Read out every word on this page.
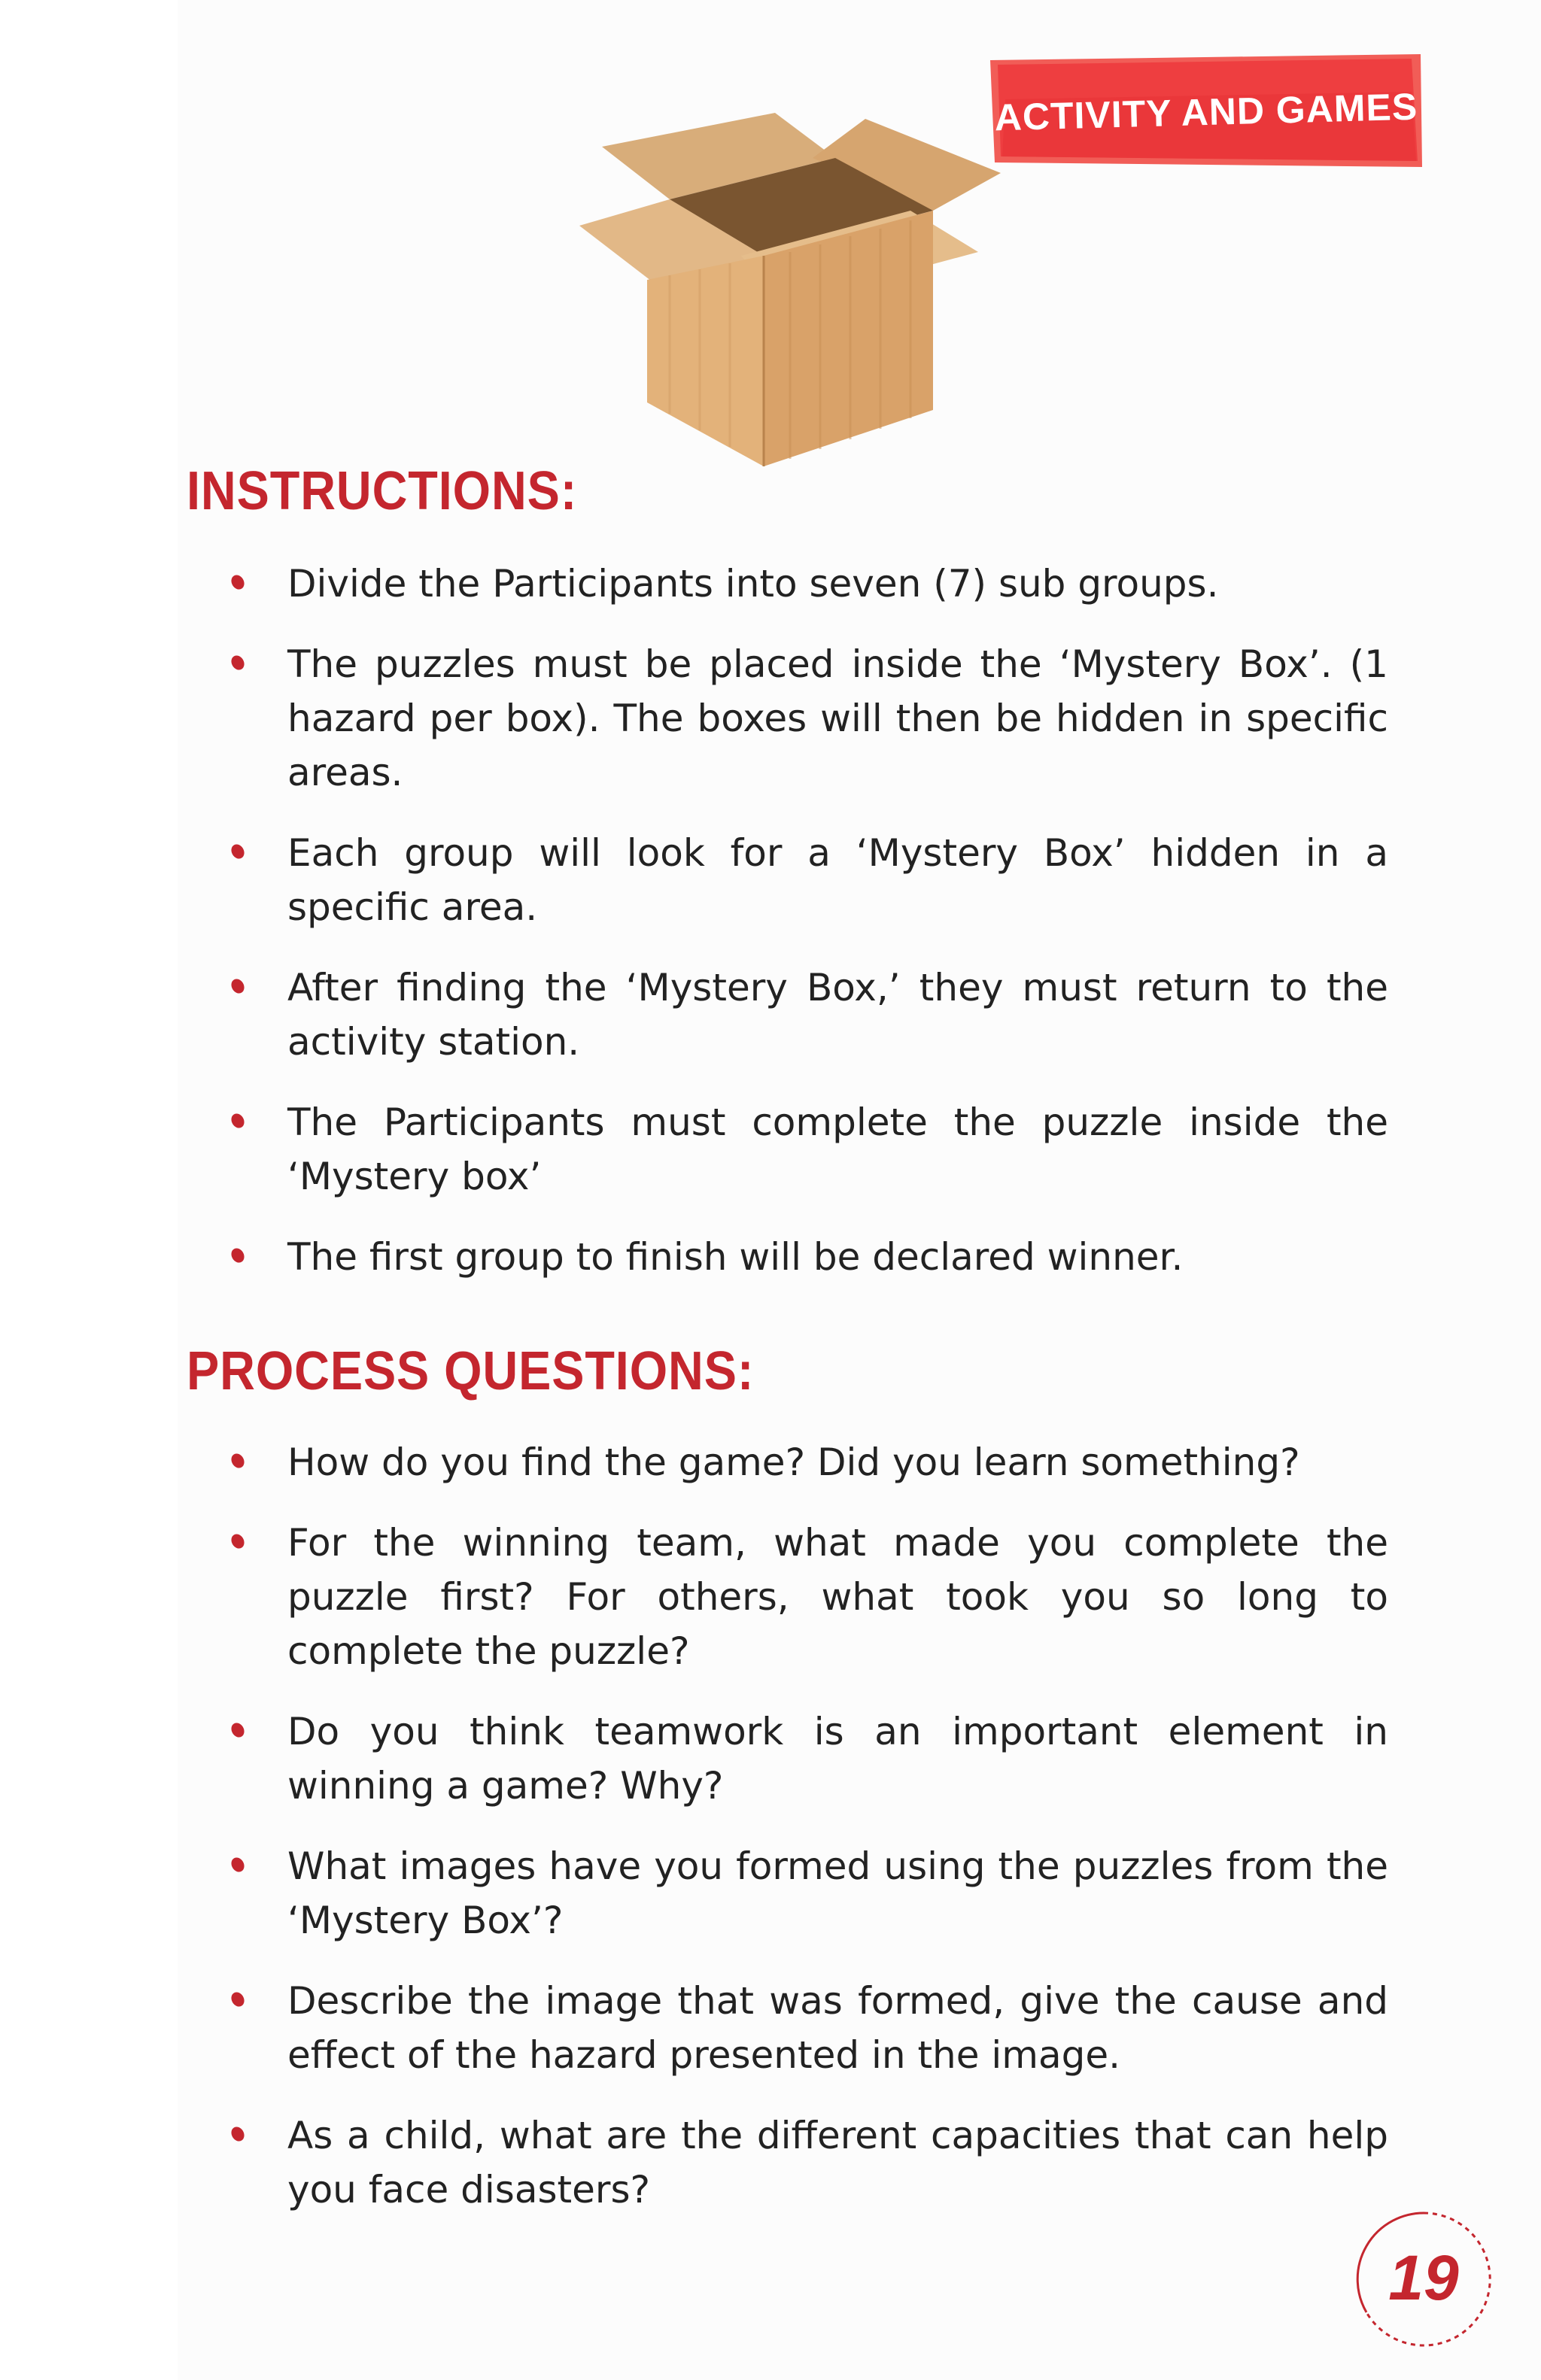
ACTIVITY AND GAMES
INSTRUCTIONS:
Divide the Participants into seven (7) sub groups.
The puzzles must be placed inside the ‘Mystery Box’. (1 hazard per box). The boxes will then be hidden in specific areas.
Each group will look for a ‘Mystery Box’ hidden in a specific area.
After finding the ‘Mystery Box,’ they must return to the activity station.
The Participants must complete the puzzle inside the ‘Mystery box’
The first group to finish will be declared winner.
PROCESS QUESTIONS:
How do you find the game? Did you learn something?
For the winning team, what made you complete the puzzle first? For others, what took you so long to complete the puzzle?
Do you think teamwork is an important element in winning a game? Why?
What images have you formed using the puzzles from the ‘Mystery Box’?
Describe the image that was formed, give the cause and effect of the hazard presented in the image.
As a child, what are the different capacities that can help you face disasters?
19
